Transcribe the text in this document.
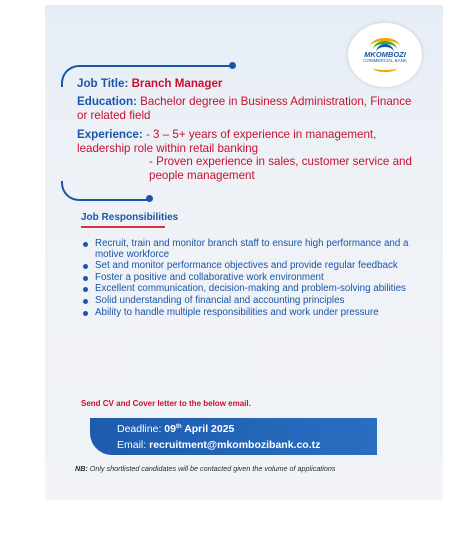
MKOMBOZI
COMMERCIAL BANK
Job Title: Branch Manager
Education: Bachelor degree in Business Administration, Finance or related field
Experience: - 3 – 5+ years of experience in management, leadership role within retail banking
- Proven experience in sales, customer service and people management
Job Responsibilities
Recruit, train and monitor branch staff to ensure high performance and a motive workforce
Set and monitor performance objectives and provide regular feedback
Foster a positive and collaborative work environment
Excellent communication, decision-making and problem-solving abilities
Solid understanding of financial and accounting principles
Ability to handle multiple responsibilities and work under pressure
Send CV and Cover letter to the below email.
Deadline: 09th April 2025
Email: recruitment@mkombozibank.co.tz
NB: Only shortlisted candidates will be contacted given the volume of applications
